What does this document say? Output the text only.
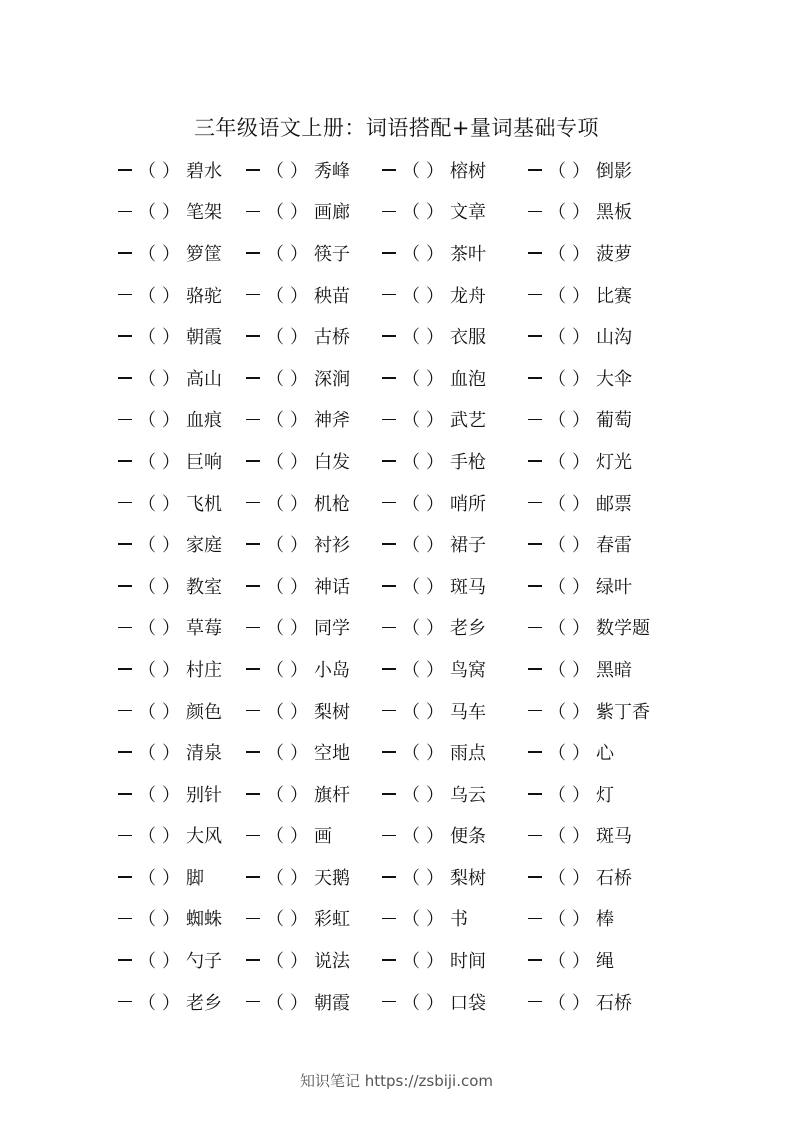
三年级语文上册：词语搭配+量词基础专项
（ ） 碧水 （ ） 秀峰	（ ） 榕树	（ ） 倒影
（ ） 笔架 （ ） 画廊	（ ） 文章	（ ） 黑板
（ ） 箩筐 （ ） 筷子	（ ） 茶叶	（ ） 菠萝
（ ） 骆驼 （ ） 秧苗	（ ） 龙舟	（ ） 比赛
（ ） 朝霞 （ ） 古桥	（ ） 衣服	（ ） 山沟
（ ） 高山 （ ） 深涧	（ ） 血泡	（ ） 大伞
（ ） 血痕 （ ） 神斧	（ ） 武艺	（ ） 葡萄
（ ） 巨响 （ ） 白发	（ ） 手枪	（ ） 灯光
（ ） 飞机 （ ） 机枪	（ ） 哨所	（ ） 邮票
（ ） 家庭 （ ） 衬衫	（ ） 裙子	（ ） 春雷
（ ） 教室 （ ） 神话	（ ） 斑马	（ ） 绿叶
（ ） 草莓 （ ） 同学	（ ） 老乡	（ ） 数学题
（ ） 村庄 （ ） 小岛	（ ） 鸟窝	（ ） 黑暗
（ ） 颜色 （ ） 梨树	（ ） 马车	（ ） 紫丁香
（ ） 清泉 （ ） 空地	（ ） 雨点	（ ） 心
（ ） 别针 （ ） 旗杆	（ ） 乌云	（ ） 灯
（ ） 大风 （ ） 画	（ ） 便条	（ ） 斑马
（ ） 脚	（ ） 天鹅	（ ） 梨树	（ ） 石桥
（ ） 蜘蛛 （ ） 彩虹	（ ） 书	（ ） 棒
（ ） 勺子 （ ） 说法	（ ） 时间	（ ） 绳
（ ） 老乡 （ ） 朝霞	（ ） 口袋	（ ） 石桥
知识笔记 https://zsbiji.com
